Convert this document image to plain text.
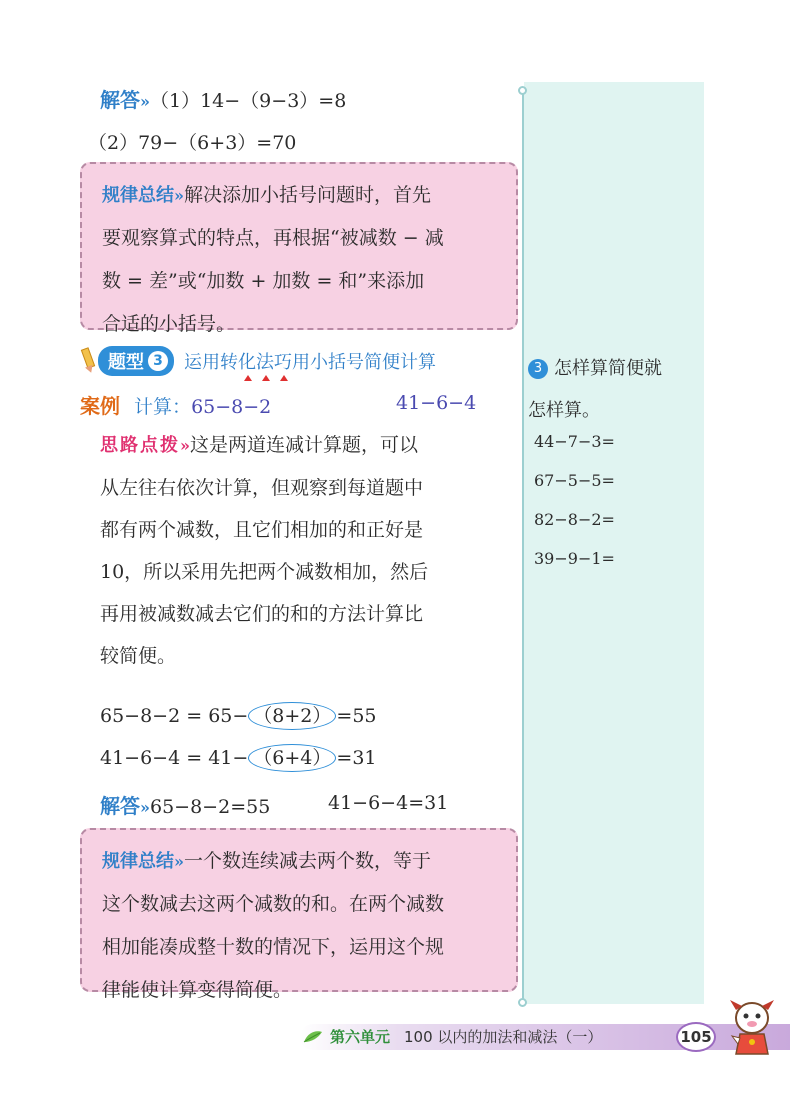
解答»（1）14−（9−3）=8
（2）79−（6+3）=70
规律总结»解决添加小括号问题时，首先
要观察算式的特点，再根据“被减数 − 减
数 = 差”或“加数 + 加数 = 和”来添加
合适的小括号。
题型 3 运用转化法巧用小括号简便计算
案例 计算：65−8−2	41−6−4
思路点拨»这是两道连减计算题，可以
从左往右依次计算，但观察到每道题中
都有两个减数，且它们相加的和正好是
10，所以采用先把两个减数相加，然后
再用被减数减去它们的和的方法计算比
较简便。
65−8−2 = 65− （8+2） =55
41−6−4 = 41− （6+4） =31
解答»65−8−2=55	41−6−4=31
规律总结»一个数连续减去两个数，等于
这个数减去这两个减数的和。在两个减数
相加能凑成整十数的情况下，运用这个规
律能使计算变得简便。
3 怎样算简便就
怎样算。
44−7−3=
67−5−5=
82−8−2=
39−9−1=
第六单元 100 以内的加法和减法（一）	105
